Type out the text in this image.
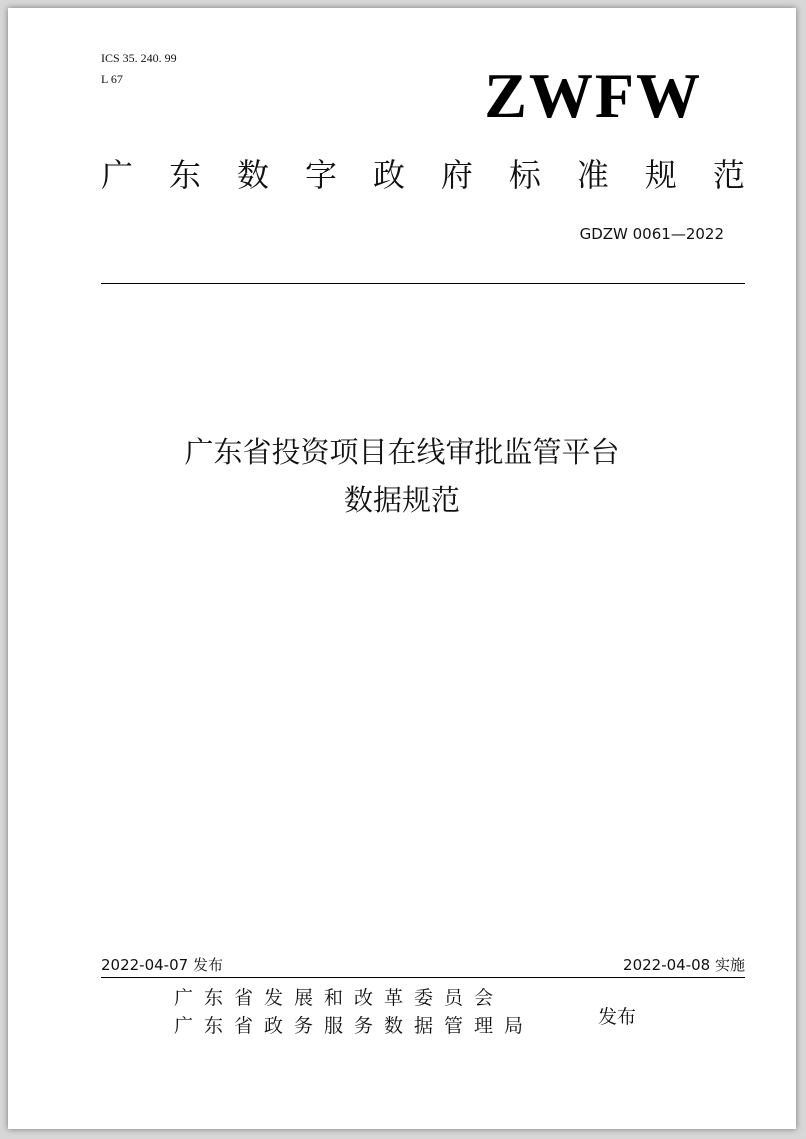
ICS 35. 240. 99
L 67	ZWFW
广 东 数 字 政 府 标 准 规 范
GDZW 0061—2022
广东省投资项目在线审批监管平台
数据规范
2022-04-07 发布	2022-04-08 实施
广东省发展和改革委员会
广东省政务服务数据管理局	发布
